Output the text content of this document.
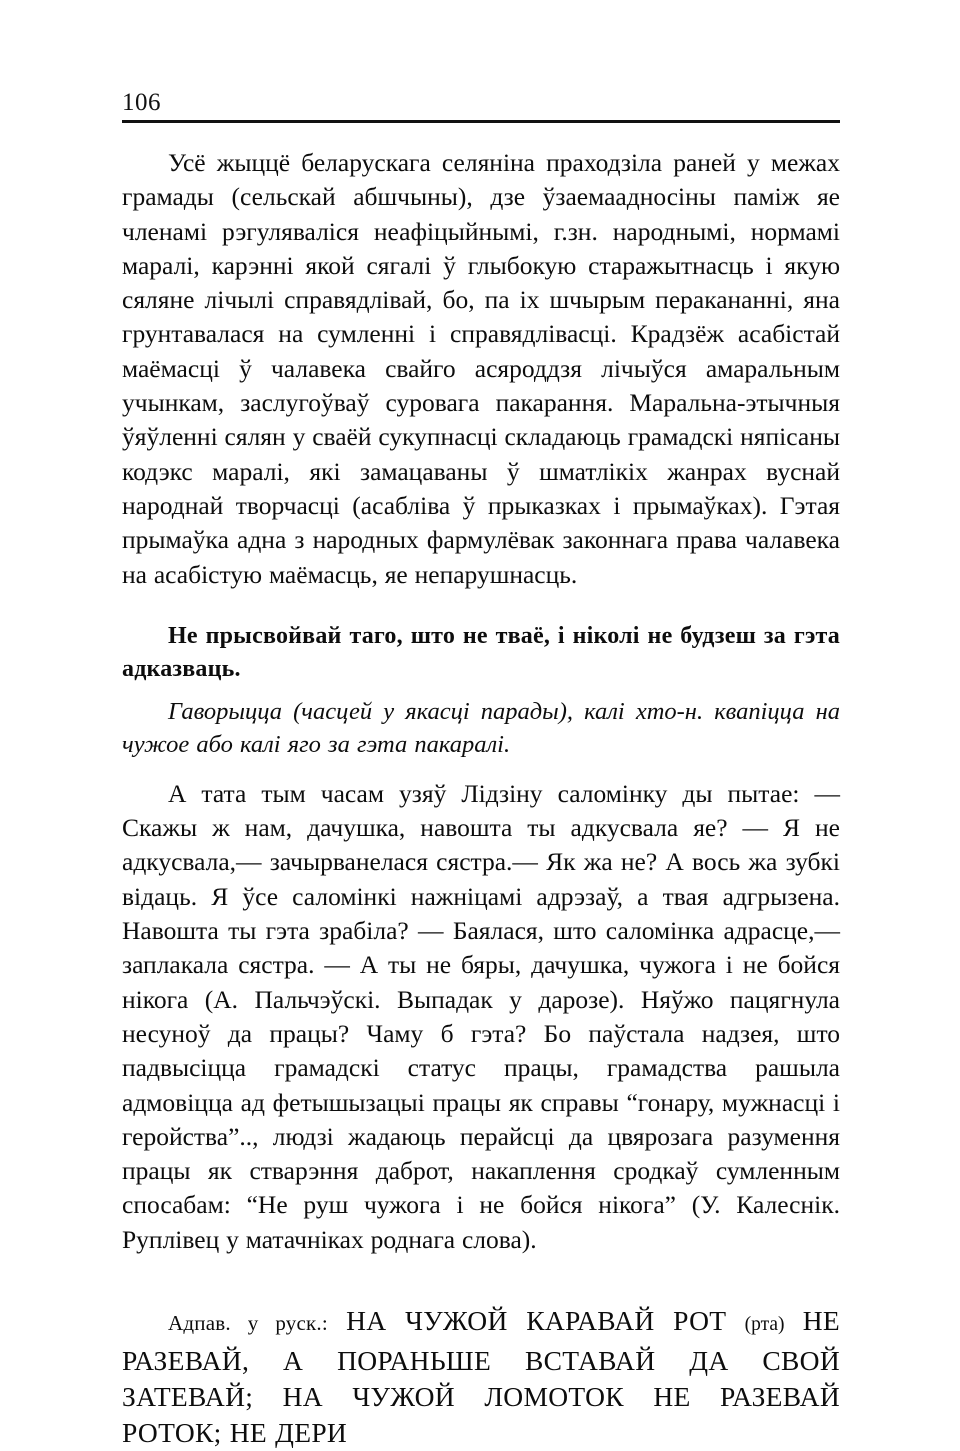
106

Усё жыццё беларускага селяніна праходзіла раней у межах грамады (сельскай абшчыны), дзе ўзаемаадносіны паміж яе членамі рэгуляваліся неафіцыйнымі, г.зн. народнымі, нормамі маралі, карэнні якой сягалі ў глыбокую старажытнасць і якую сяляне лічылі справядлівай, бо, па іх шчырым перакананні, яна грунтавалася на сумленні і справядлівасці. Крадзёж асабістай маёмасці ў чалавека свайго асяроддзя лічыўся амаральным учынкам, заслугоўваў суровага пакарання. Маральна-этычныя ўяўленні сялян у сваёй сукупнасці складаюць грамадскі няпісаны кодэкс маралі, які замацаваны ў шматлікіх жанрах вуснай народнай творчасці (асабліва ў прыказках і прымаўках). Гэтая прымаўка адна з народных фармулёвак законнага права чалавека на асабістую маёмасць, яе непарушнасць.

Не прысвойвай таго, што не тваё, і ніколі не будзеш за гэта адказваць.

Гаворыцца (часцей у якасці парады), калі хто-н. квапіцца на чужое або калі яго за гэта пакаралі.

А тата тым часам узяў Лідзіну саломінку ды пытае: — Скажы ж нам, дачушка, навошта ты адкусвала яе? — Я не адкусвала,— зачырванелася сястра.— Як жа не? А вось жа зубкі відаць. Я ўсе саломінкі нажніцамі адрэзаў, а твая адгрызена. Навошта ты гэта зрабіла? — Баялася, што саломінка адрасце,— заплакала сястра. — А ты не бяры, дачушка, чужога і не бойся нікога (А. Пальчэўскі. Выпадак у дарозе). Няўжо пацягнула несуноў да працы? Чаму б гэта? Бо паўстала надзея, што падвысіцца грамадскі статус працы, грамадства рашыла адмовіцца ад фетышызацыі працы як справы “гонару, мужнасці і геройства”.., людзі жадаюць перайсці да цвярозага разумення працы як стварэння даброт, накаплення сродкаў сумленным спосабам: “Не руш чужога і не бойся нікога” (У. Калеснік. Руплівец у матачніках роднага слова).

Адпав. у руск.: НА ЧУЖОЙ КАРАВАЙ РОТ (рта) НЕ РАЗЕВАЙ, А ПОРАНЬШЕ ВСТАВАЙ ДА СВОЙ ЗАТЕВАЙ; НА ЧУЖОЙ ЛОМОТОК НЕ РАЗЕВАЙ РОТОК; НЕ ДЕРИ
